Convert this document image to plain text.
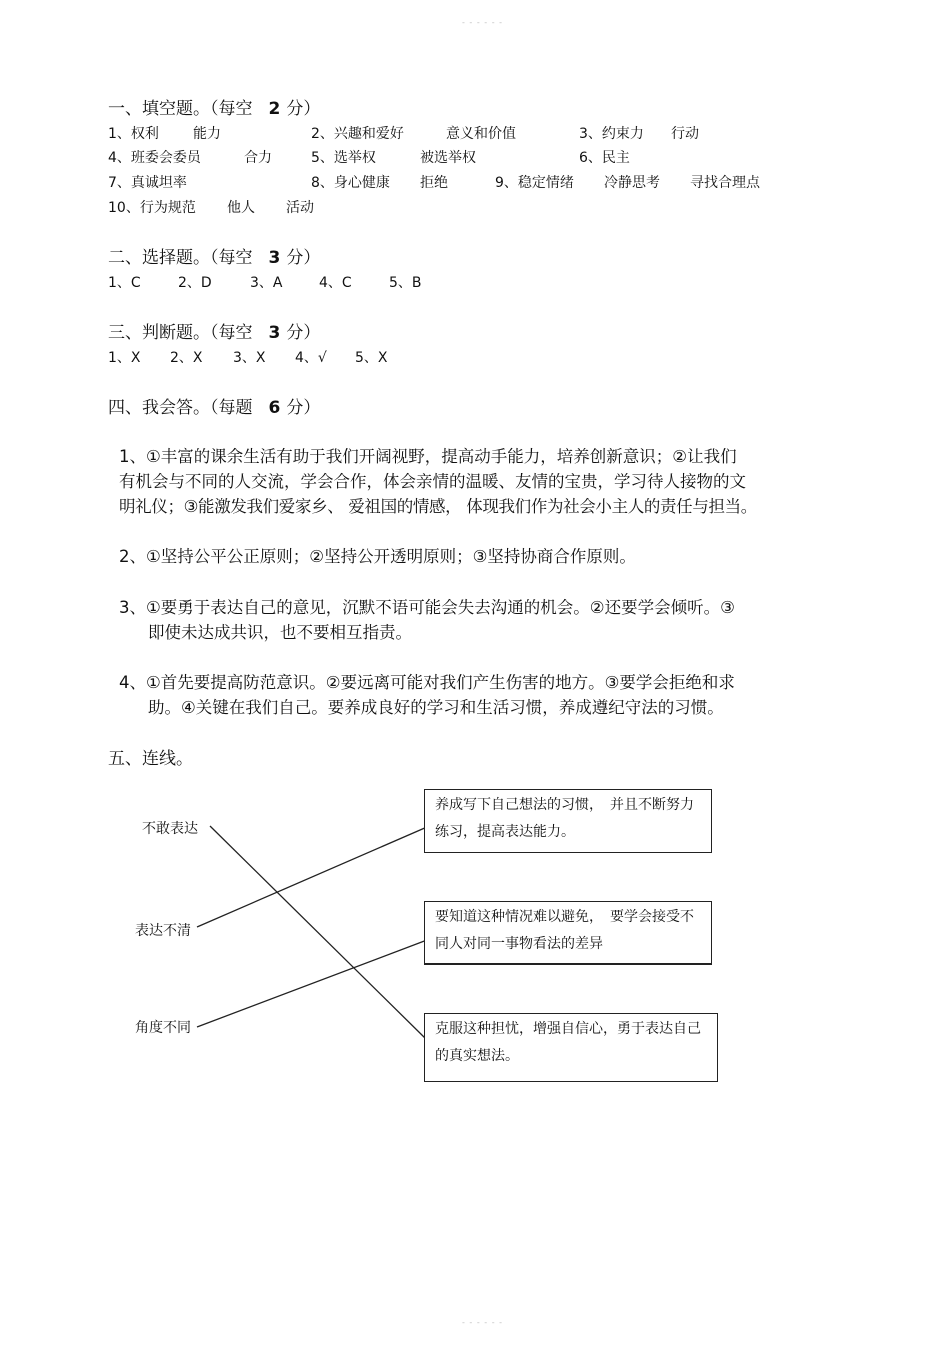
- - - - - -
一、填空题。（每空 2 分）
1、权利 能力	2、兴趣和爱好	意义和价值	3、约束力 行动
4、班委会委员	合力	5、选举权	被选举权	6、民主
7、真诚坦率	8、身心健康 拒绝	9、稳定情绪 冷静思考 寻找合理点
10、行为规范 他人 活动
二、选择题。（每空 3 分）
1、C	2、D	3、A	4、C	5、B
三、判断题。（每空 3 分）
1、X 2、X 3、X 4、√ 5、X
四、我会答。（每题 6 分）
1、①丰富的课余生活有助于我们开阔视野，提高动手能力，培养创新意识；②让我们
有机会与不同的人交流，学会合作，体会亲情的温暖、友情的宝贵，学习待人接物的文
明礼仪；③能激发我们爱家乡、 爱祖国的情感， 体现我们作为社会小主人的责任与担当。
2、①坚持公平公正原则；②坚持公开透明原则；③坚持协商合作原则。
3、①要勇于表达自己的意见，沉默不语可能会失去沟通的机会。②还要学会倾听。③
即使未达成共识，也不要相互指责。
4、①首先要提高防范意识。②要远离可能对我们产生伤害的地方。③要学会拒绝和求
助。④关键在我们自己。要养成良好的学习和生活习惯，养成遵纪守法的习惯。
五、连线。
不敢表达
表达不清
角度不同
养成写下自己想法的习惯，　并且不断努力练习，提高表达能力。
要知道这种情况难以避免，　要学会接受不同人对同一事物看法的差异
克服这种担忧，增强自信心，勇于表达自己的真实想法。
- - - - - -
